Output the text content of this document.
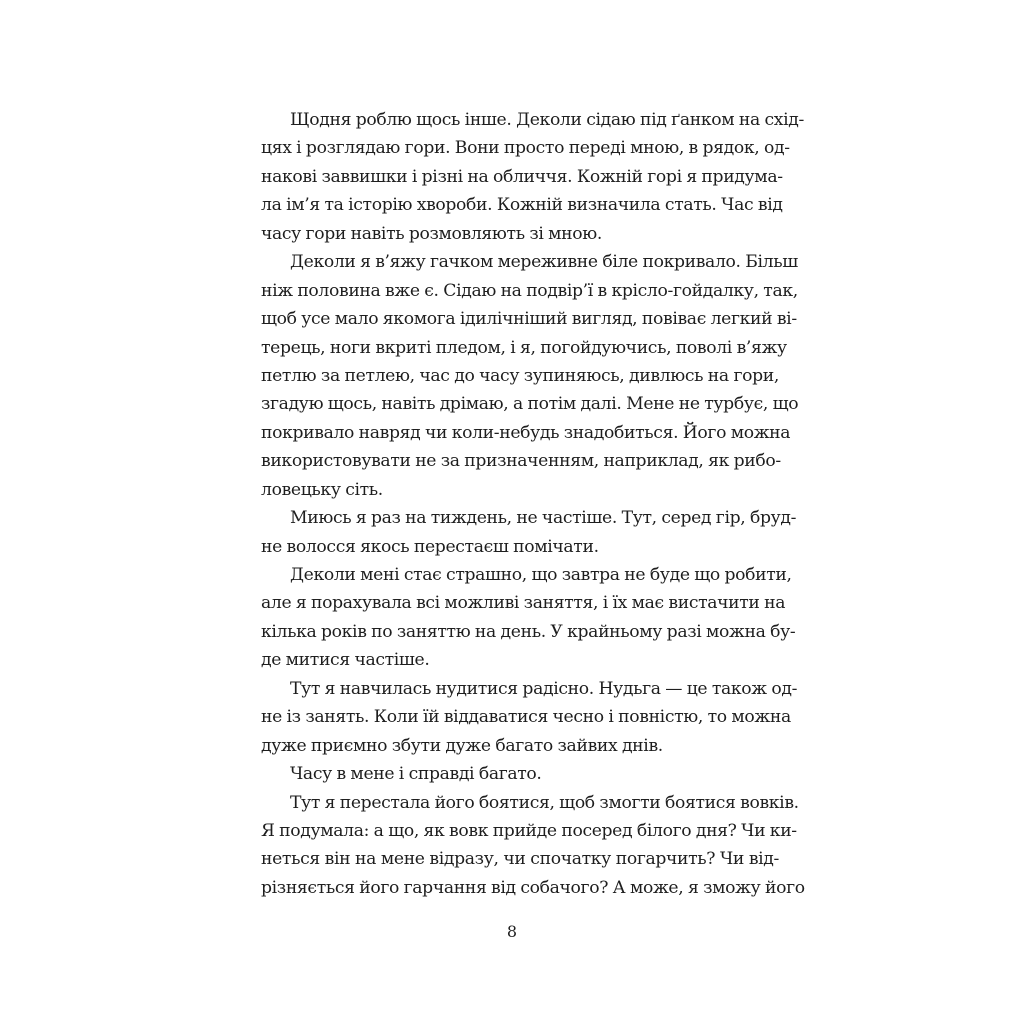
Щодня роблю щось інше. Деколи сідаю під ґанком на схід-
цях і розглядаю гори. Вони просто переді мною, в рядок, од-
накові заввишки і різні на обличчя. Кожній горі я придума-
ла ім’я та історію хвороби. Кожній визначила стать. Час від
часу гори навіть розмовляють зі мною.
Деколи я в’яжу гачком мереживне біле покривало. Більш
ніж половина вже є. Сідаю на подвір’ї в крісло-гойдалку, так,
щоб усе мало якомога ідилічніший вигляд, повіває легкий ві-
терець, ноги вкриті пледом, і я, погойдуючись, поволі в’яжу
петлю за петлею, час до часу зупиняюсь, дивлюсь на гори,
згадую щось, навіть дрімаю, а потім далі. Мене не турбує, що
покривало навряд чи коли-небудь знадобиться. Його можна
використовувати не за призначенням, наприклад, як рибо-
ловецьку сіть.
Миюсь я раз на тиждень, не частіше. Тут, серед гір, бруд-
не волосся якось перестаєш помічати.
Деколи мені стає страшно, що завтра не буде що робити,
але я порахувала всі можливі заняття, і їх має вистачити на
кілька років по заняттю на день. У крайньому разі можна бу-
де митися частіше.
Тут я навчилась нудитися радісно. Нудьга — це також од-
не із занять. Коли їй віддаватися чесно і повністю, то можна
дуже приємно збути дуже багато зайвих днів.
Часу в мене і справді багато.
Тут я перестала його боятися, щоб змогти боятися вовків.
Я подумала: а що, як вовк прийде посеред білого дня? Чи ки-
неться він на мене відразу, чи спочатку погарчить? Чи від-
різняється його гарчання від собачого? А може, я зможу його
8
